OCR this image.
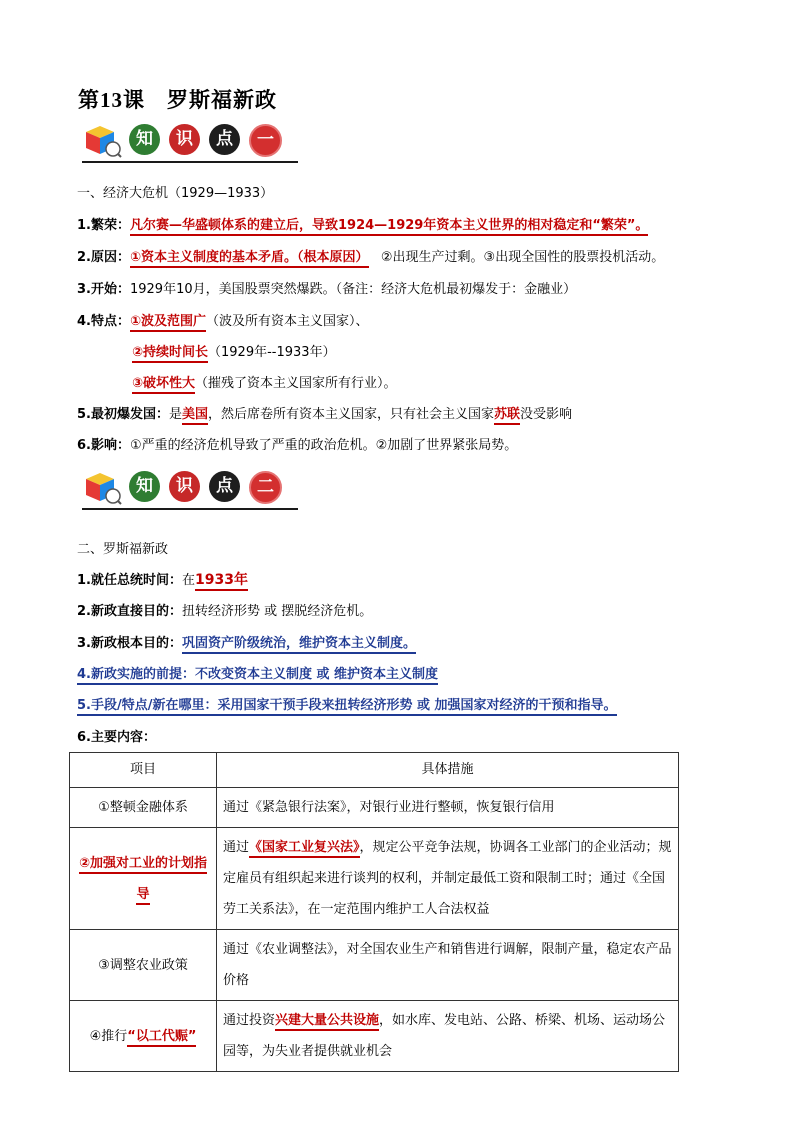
第13课 罗斯福新政
知	识	点	一
一、经济大危机（1929—1933）
1.繁荣：凡尔赛—华盛顿体系的建立后，导致1924—1929年资本主义世界的相对稳定和“繁荣”。
2.原因：①资本主义制度的基本矛盾。（根本原因） ②出现生产过剩。③出现全国性的股票投机活动。
3.开始：1929年10月，美国股票突然爆跌。（备注：经济大危机最初爆发于：金融业）
4.特点：①波及范围广（波及所有资本主义国家）、
②持续时间长（1929年--1933年）
③破坏性大（摧残了资本主义国家所有行业）。
5.最初爆发国：是美国，然后席卷所有资本主义国家，只有社会主义国家苏联没受影响
6.影响：①严重的经济危机导致了严重的政治危机。②加剧了世界紧张局势。
知	识	点	二
二、罗斯福新政
1.就任总统时间：在1933年
2.新政直接目的：扭转经济形势 或 摆脱经济危机。
3.新政根本目的：巩固资产阶级统治，维护资本主义制度。
4.新政实施的前提：不改变资本主义制度 或 维护资本主义制度
5.手段/特点/新在哪里：采用国家干预手段来扭转经济形势 或 加强国家对经济的干预和指导。
6.主要内容：
项目	具体措施
①整顿金融体系	通过《紧急银行法案》，对银行业进行整顿，恢复银行信用
②加强对工业的计划指导	通过《国家工业复兴法》，规定公平竞争法规，协调各工业部门的企业活动；规定雇员有组织起来进行谈判的权利，并制定最低工资和限制工时；通过《全国劳工关系法》，在一定范围内维护工人合法权益
③调整农业政策	通过《农业调整法》，对全国农业生产和销售进行调解，限制产量，稳定农产品价格
④推行“以工代赈”	通过投资兴建大量公共设施，如水库、发电站、公路、桥梁、机场、运动场公园等，为失业者提供就业机会
